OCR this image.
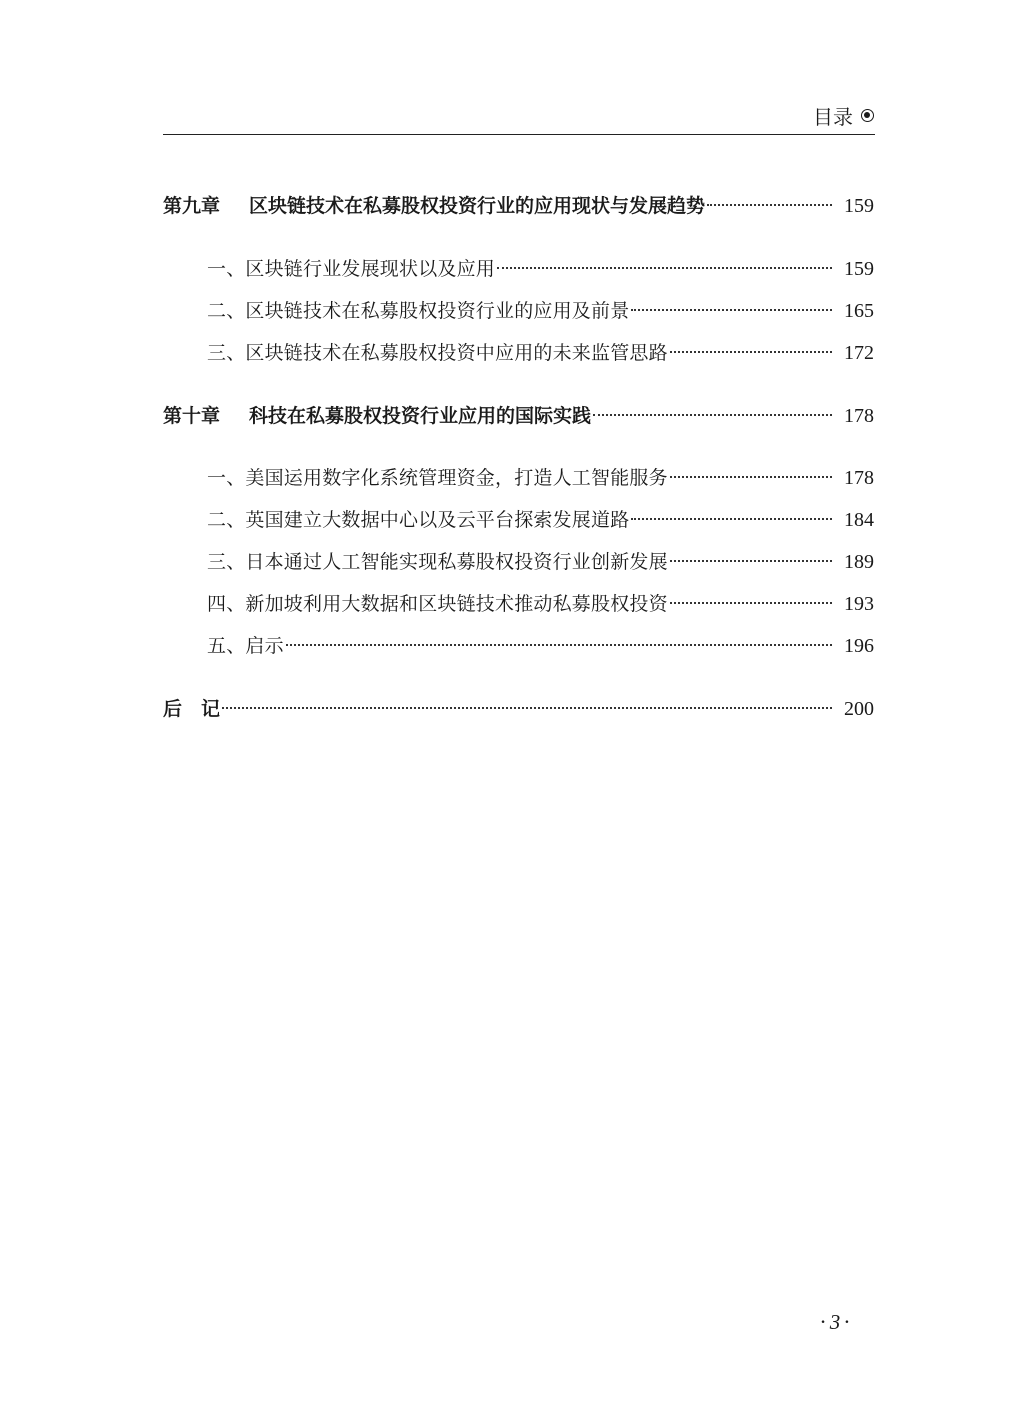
目录
第九章	区块链技术在私募股权投资行业的应用现状与发展趋势	159
一、区块链行业发展现状以及应用	159
二、区块链技术在私募股权投资行业的应用及前景	165
三、区块链技术在私募股权投资中应用的未来监管思路	172
第十章	科技在私募股权投资行业应用的国际实践	178
一、美国运用数字化系统管理资金，打造人工智能服务	178
二、英国建立大数据中心以及云平台探索发展道路	184
三、日本通过人工智能实现私募股权投资行业创新发展	189
四、新加坡利用大数据和区块链技术推动私募股权投资	193
五、启示	196
后　记	200
· 3 ·
